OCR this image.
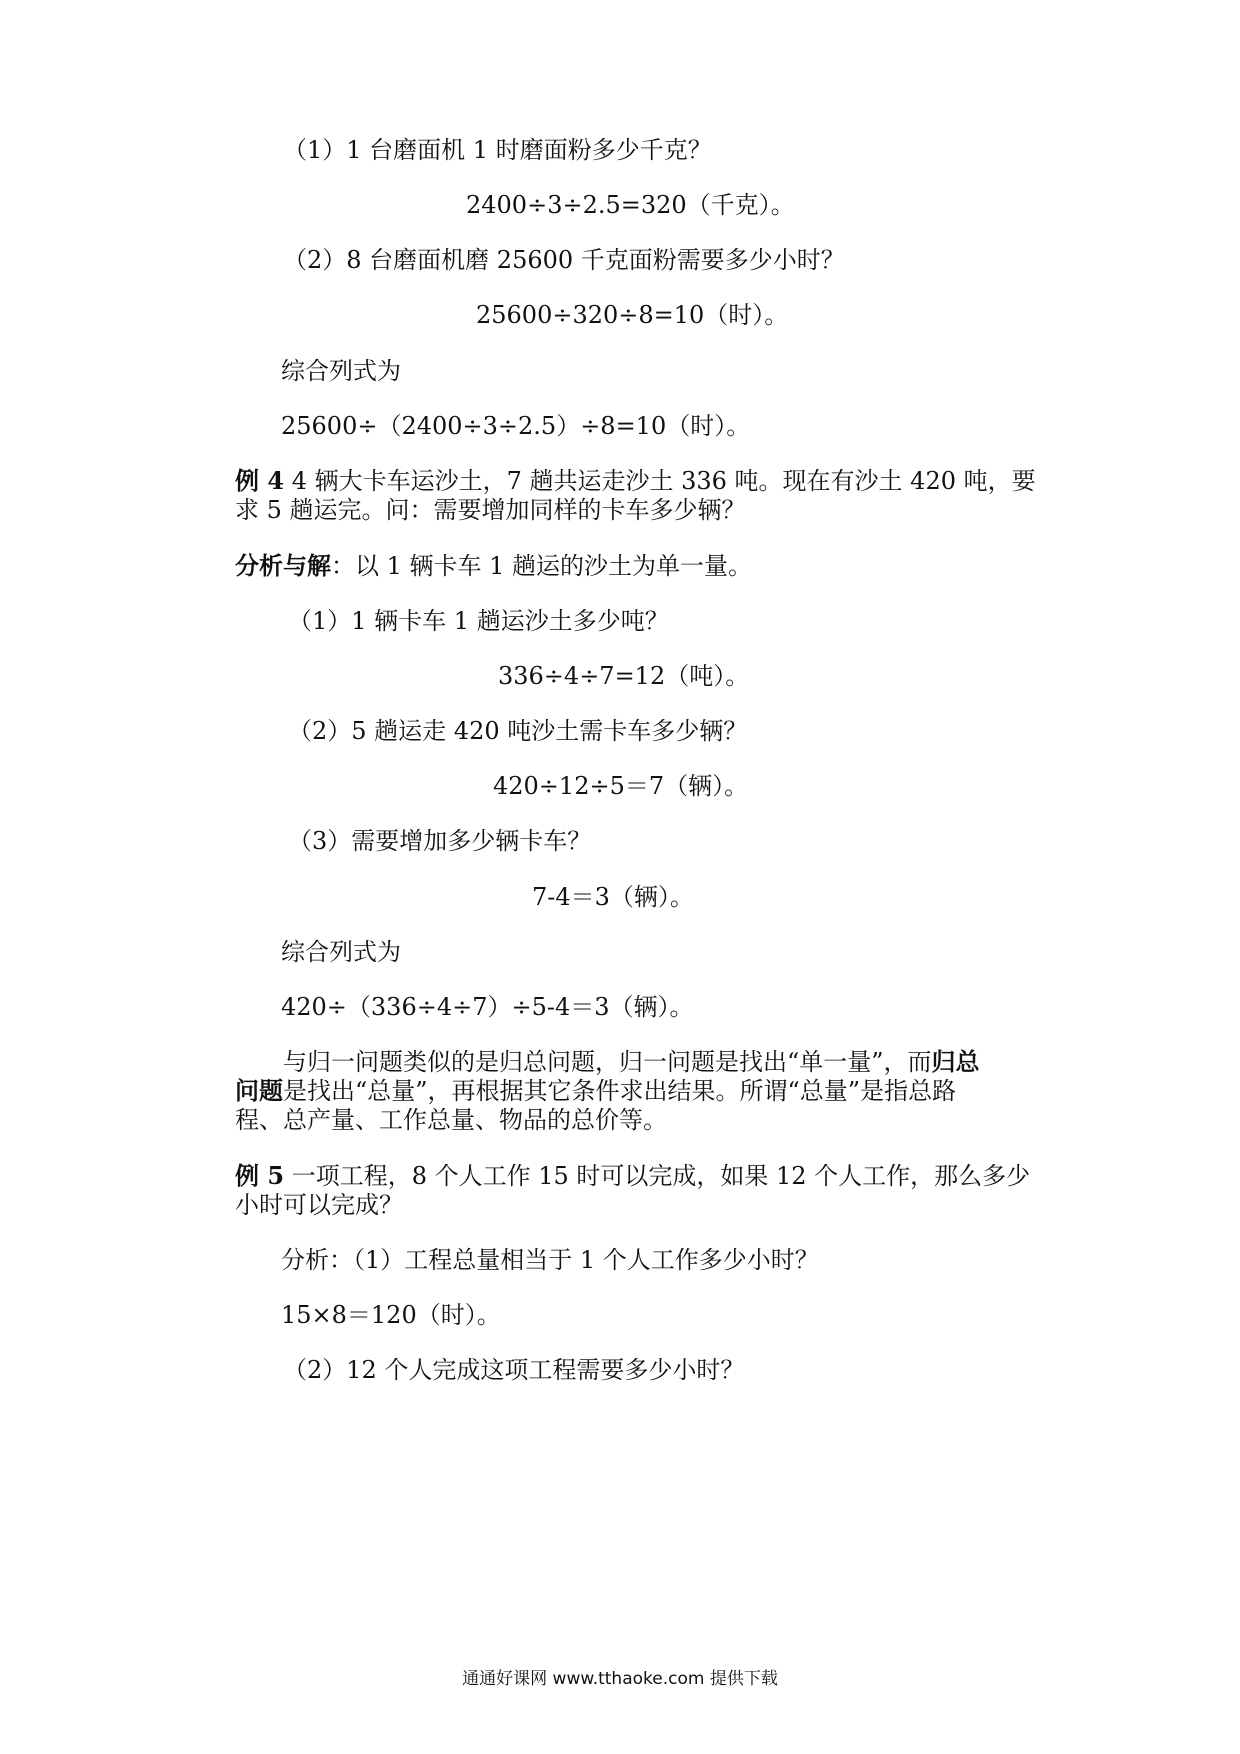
（1）1 台磨面机 1 时磨面粉多少千克？
2400÷3÷2.5=320（千克）。
（2）8 台磨面机磨 25600 千克面粉需要多少小时？
25600÷320÷8=10（时）。
综合列式为
25600÷（2400÷3÷2.5）÷8=10（时）。
例 4 4 辆大卡车运沙土，7 趟共运走沙土 336 吨。现在有沙土 420 吨，要
求 5 趟运完。问：需要增加同样的卡车多少辆？
分析与解：以 1 辆卡车 1 趟运的沙土为单一量。
（1）1 辆卡车 1 趟运沙土多少吨？
336÷4÷7=12（吨）。
（2）5 趟运走 420 吨沙土需卡车多少辆？
420÷12÷5＝7（辆）。
（3）需要增加多少辆卡车？
7-4＝3（辆）。
综合列式为
420÷（336÷4÷7）÷5-4＝3（辆）。
与归一问题类似的是归总问题，归一问题是找出“单一量”，而归总
问题是找出“总量”，再根据其它条件求出结果。所谓“总量”是指总路
程、总产量、工作总量、物品的总价等。
例 5 一项工程，8 个人工作 15 时可以完成，如果 12 个人工作，那么多少
小时可以完成？
分析：（1）工程总量相当于 1 个人工作多少小时？
15×8＝120（时）。
（2）12 个人完成这项工程需要多少小时？
通通好课网 www.tthaoke.com 提供下载
